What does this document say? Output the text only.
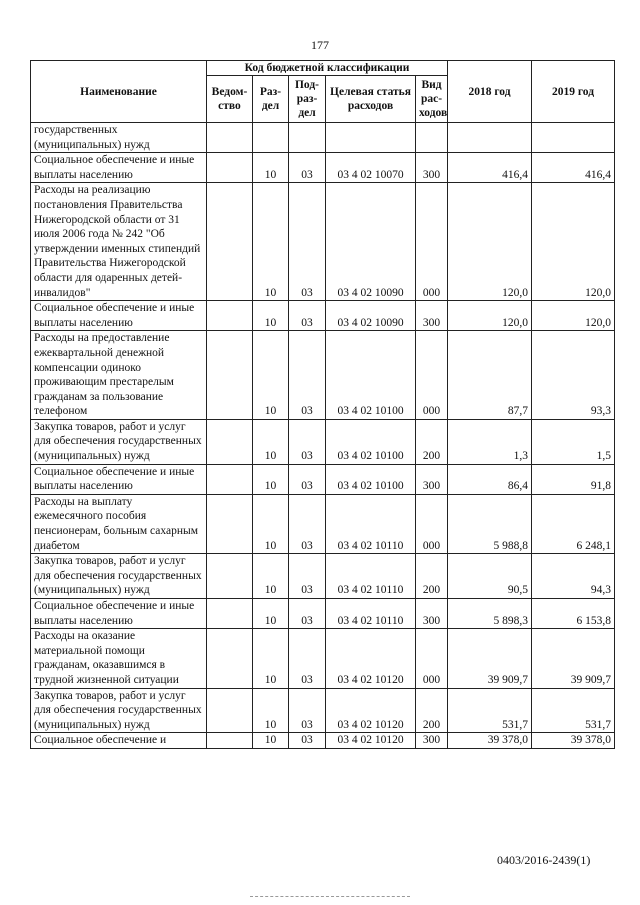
177
Наименование	Код бюджетной классификации					2018 год	2019 год
	Ведом-ство	Раз-дел	Под-раз-дел	Целевая статья расходов	Вид рас-ходов		
государственных (муниципальных) нужд							
Социальное обеспечение и иные выплаты населению		10	03	03 4 02 10070	300	416,4	416,4
Расходы на реализацию постановления Правительства Нижегородской области от 31 июля 2006 года № 242 "Об утверждении именных стипендий Правительства Нижегородской области для одаренных детей-инвалидов"		10	03	03 4 02 10090	000	120,0	120,0
Социальное обеспечение и иные выплаты населению		10	03	03 4 02 10090	300	120,0	120,0
Расходы на предоставление ежеквартальной денежной компенсации одиноко проживающим престарелым гражданам за пользование телефоном		10	03	03 4 02 10100	000	87,7	93,3
Закупка товаров, работ и услуг для обеспечения государственных (муниципальных) нужд		10	03	03 4 02 10100	200	1,3	1,5
Социальное обеспечение и иные выплаты населению		10	03	03 4 02 10100	300	86,4	91,8
Расходы на выплату ежемесячного пособия пенсионерам, больным сахарным диабетом		10	03	03 4 02 10110	000	5 988,8	6 248,1
Закупка товаров, работ и услуг для обеспечения государственных (муниципальных) нужд		10	03	03 4 02 10110	200	90,5	94,3
Социальное обеспечение и иные выплаты населению		10	03	03 4 02 10110	300	5 898,3	6 153,8
Расходы на оказание материальной помощи гражданам, оказавшимся в трудной жизненной ситуации		10	03	03 4 02 10120	000	39 909,7	39 909,7
Закупка товаров, работ и услуг для обеспечения государственных (муниципальных) нужд		10	03	03 4 02 10120	200	531,7	531,7
Социальное обеспечение и		10	03	03 4 02 10120	300	39 378,0	39 378,0
0403/2016-2439(1)
